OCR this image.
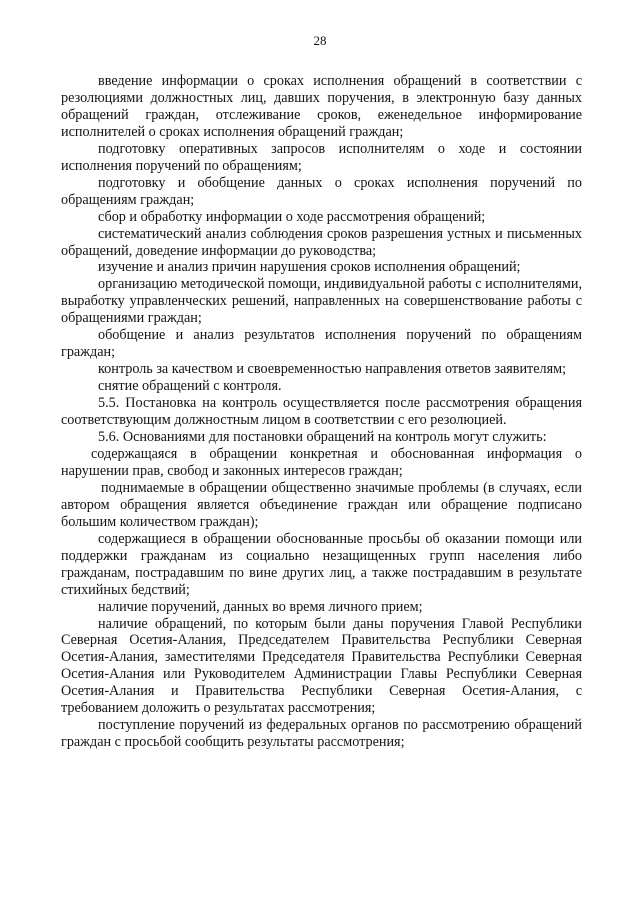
28

введение информации о сроках исполнения обращений в соответствии с резолюциями должностных лиц, давших поручения, в электронную базу данных обращений граждан, отслеживание сроков, еженедельное информирование исполнителей о сроках исполнения обращений граждан;

подготовку оперативных запросов исполнителям о ходе и состоянии исполнения поручений по обращениям;

подготовку и обобщение данных о сроках исполнения поручений по обращениям граждан;

сбор и обработку информации о ходе рассмотрения обращений;

систематический анализ соблюдения сроков разрешения устных и письменных обращений, доведение информации до руководства;

изучение и анализ причин нарушения сроков исполнения обращений;

организацию методической помощи, индивидуальной работы с исполнителями, выработку управленческих решений, направленных на совершенствование работы с обращениями граждан;

обобщение и анализ результатов исполнения поручений по обращениям граждан;

контроль за качеством и своевременностью направления ответов заявителям;

снятие обращений с контроля.

5.5. Постановка на контроль осуществляется после рассмотрения обращения соответствующим должностным лицом в соответствии с его резолюцией.

5.6. Основаниями для постановки обращений на контроль могут служить:

содержащаяся в обращении конкретная и обоснованная информация о нарушении прав, свобод и законных интересов граждан;

поднимаемые в обращении общественно значимые проблемы (в случаях, если автором обращения является объединение граждан или обращение подписано большим количеством граждан);

содержащиеся в обращении обоснованные просьбы об оказании помощи или поддержки гражданам из социально незащищенных групп населения либо гражданам, пострадавшим по вине других лиц, а также пострадавшим в результате стихийных бедствий;

наличие поручений, данных во время личного прием;

наличие обращений, по которым были даны поручения Главой Республики Северная Осетия-Алания, Председателем Правительства Республики Северная Осетия-Алания, заместителями Председателя Правительства Республики Северная Осетия-Алания или Руководителем Администрации Главы Республики Северная Осетия-Алания и Правительства Республики Северная Осетия-Алания, с требованием доложить о результатах рассмотрения;

поступление поручений из федеральных органов по рассмотрению обращений граждан с просьбой сообщить результаты рассмотрения;
